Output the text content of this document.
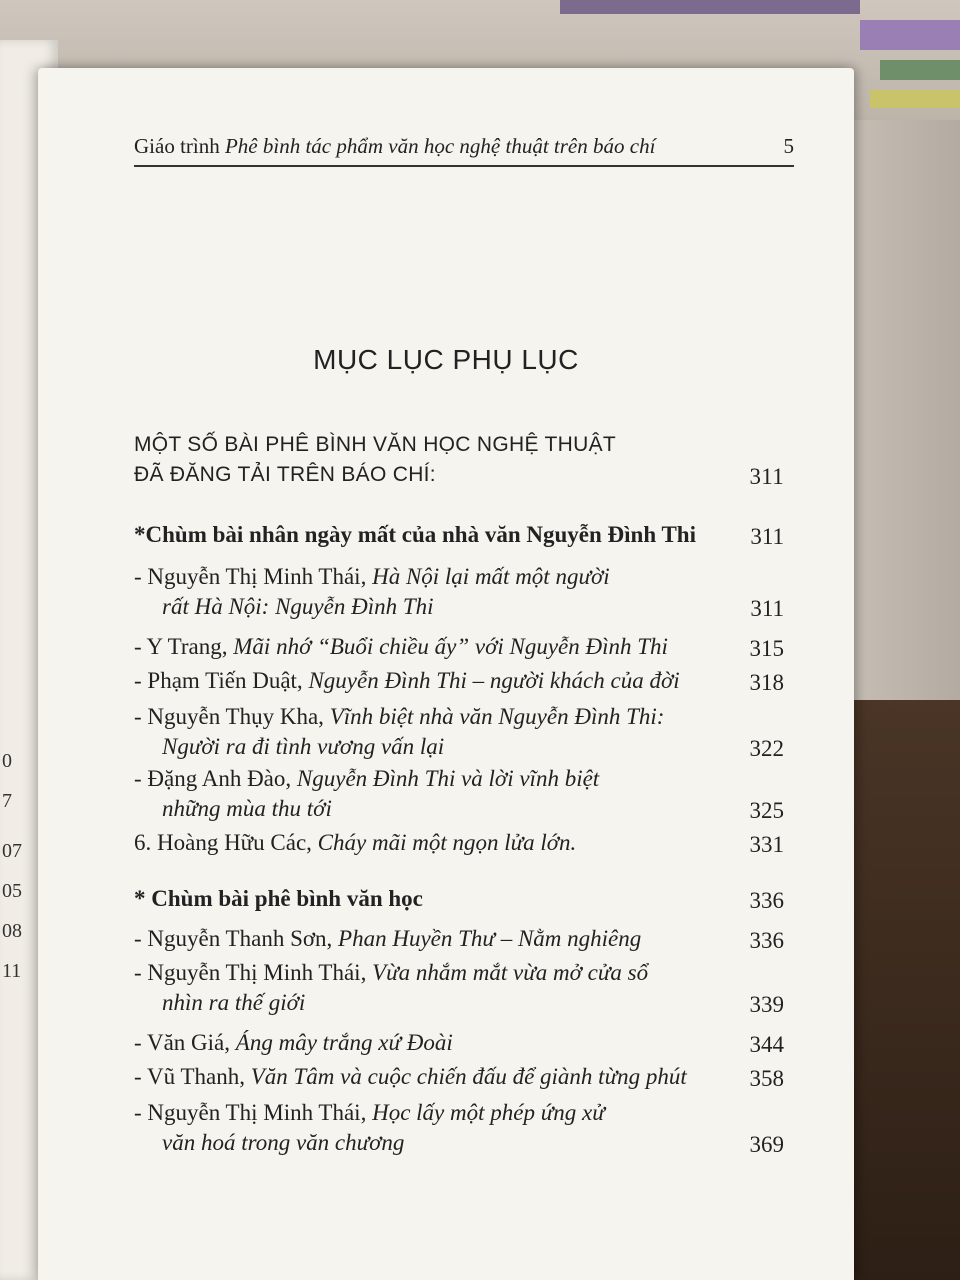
0
7
07
05
08
11
Giáo trình Phê bình tác phẩm văn học nghệ thuật trên báo chí	5
MỤC LỤC PHỤ LỤC
MỘT SỐ BÀI PHÊ BÌNH VĂN HỌC NGHỆ THUẬT
ĐÃ ĐĂNG TẢI TRÊN BÁO CHÍ:	311
*Chùm bài nhân ngày mất của nhà văn Nguyễn Đình Thi	311
- Nguyễn Thị Minh Thái, Hà Nội lại mất một người
rất Hà Nội: Nguyễn Đình Thi	311
- Y Trang, Mãi nhớ “Buổi chiều ấy” với Nguyễn Đình Thi	315
- Phạm Tiến Duật, Nguyễn Đình Thi – người khách của đời	318
- Nguyễn Thụy Kha, Vĩnh biệt nhà văn Nguyễn Đình Thi:
Người ra đi tình vương vấn lại	322
- Đặng Anh Đào, Nguyễn Đình Thi và lời vĩnh biệt
những mùa thu tới	325
6. Hoàng Hữu Các, Cháy mãi một ngọn lửa lớn.	331
* Chùm bài phê bình văn học	336
- Nguyễn Thanh Sơn, Phan Huyền Thư – Nằm nghiêng	336
- Nguyễn Thị Minh Thái, Vừa nhắm mắt vừa mở cửa sổ
nhìn ra thế giới	339
- Văn Giá, Áng mây trắng xứ Đoài	344
- Vũ Thanh, Văn Tâm và cuộc chiến đấu để giành từng phút	358
- Nguyễn Thị Minh Thái, Học lấy một phép ứng xử
văn hoá trong văn chương	369
